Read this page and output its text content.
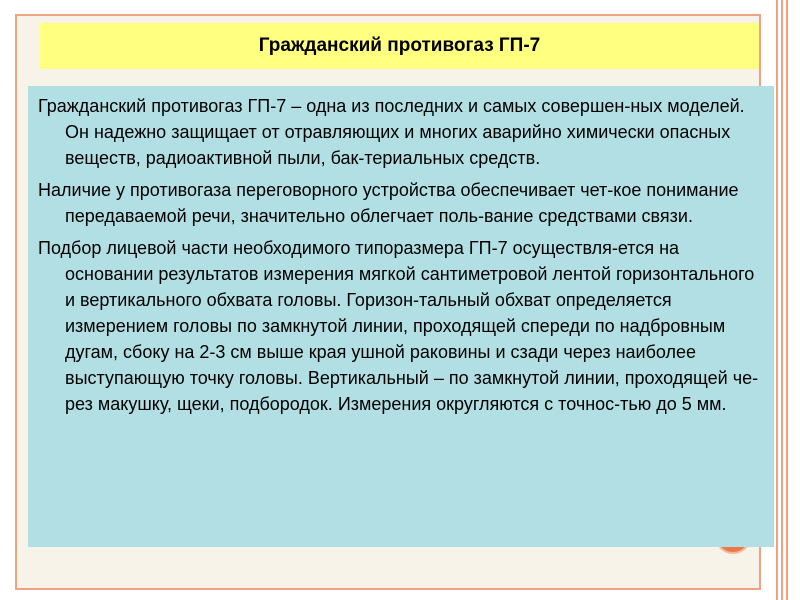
Гражданский противогаз ГП-7

Гражданский противогаз ГП-7 – одна из последних и самых совершен-ных моделей. Он надежно защищает от отравляющих и многих аварийно химически опасных веществ, радиоактивной пыли, бак-териальных средств.

Наличие у противогаза переговорного устройства обеспечивает чет-кое понимание передаваемой речи, значительно облегчает поль-вание средствами связи.

Подбор лицевой части необходимого типоразмера ГП-7 осуществля-ется на основании результатов измерения мягкой сантиметровой лентой горизонтального и вертикального обхвата головы. Горизон-тальный обхват определяется измерением головы по замкнутой линии, проходящей спереди по надбровным дугам, сбоку на 2-3 см выше края ушной раковины и сзади через наиболее выступающую точку головы. Вертикальный – по замкнутой линии, проходящей че-рез макушку, щеки, подбородок. Измерения округляются с точнос-тью до 5 мм.
